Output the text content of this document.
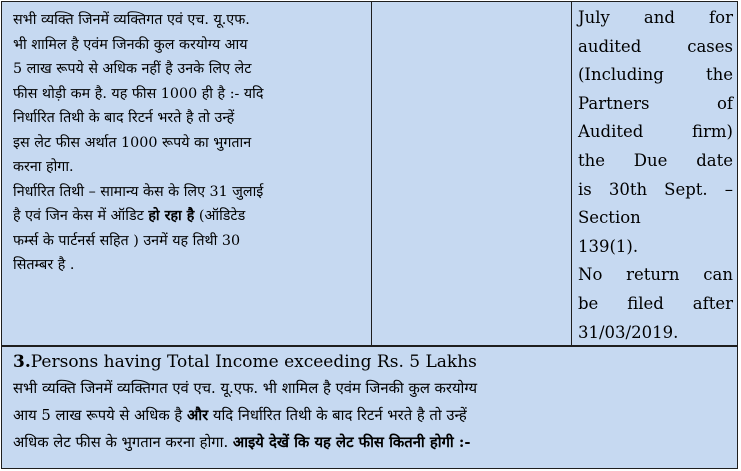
सभी व्यक्ति जिनमें व्यक्तिगत एवं एच. यू.एफ.

भी शामिल है एवंम जिनकी कुल करयोग्य आय

5 लाख रूपये से अधिक नहीं है उनके लिए लेट

फीस थोड़ी कम है. यह फीस 1000 ही है :- यदि

निर्धारित तिथी के बाद रिटर्न भरते है तो उन्हें

इस लेट फीस अर्थात 1000 रूपये का भुगतान

करना होगा.

निर्धारित तिथी – सामान्य केस के लिए 31 जुलाई

है एवं जिन केस में ऑडिट हो रहा है (ऑडिटेड

फर्म्स के पार्टनर्स सहित ) उनमें यह तिथी 30

सितम्बर है .

July and for

audited cases

(Including the

Partners of

Audited firm)

the Due date

is 30th Sept. –

Section

139(1).

No return can

be filed after

31/03/2019.

3.Persons having Total Income exceeding Rs. 5 Lakhs

सभी व्यक्ति जिनमें व्यक्तिगत एवं एच. यू.एफ. भी शामिल है एवंम जिनकी कुल करयोग्य

आय 5 लाख रूपये से अधिक है और यदि निर्धारित तिथी के बाद रिटर्न भरते है तो उन्हें

अधिक लेट फीस के भुगतान करना होगा. आइये देखें कि यह लेट फीस कितनी होगी :-
